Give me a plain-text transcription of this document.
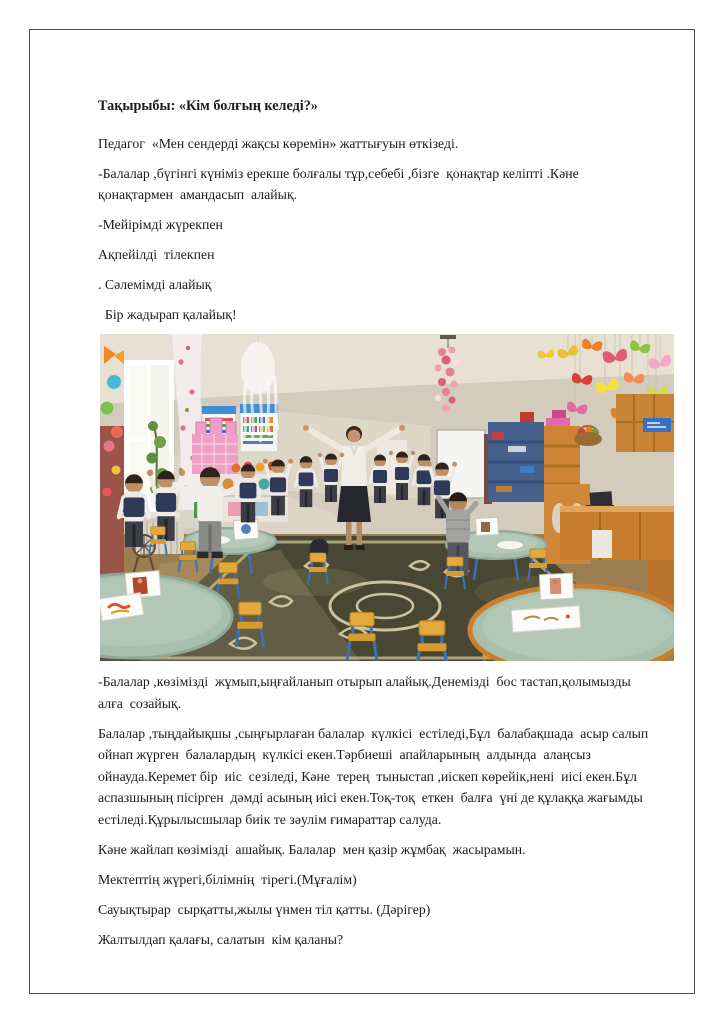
Тақырыбы: «Кім болғың келеді?»

Педагог  «Мен сендерді жақсы көремін» жаттығуын өткізеді.

-Балалар ,бүгінгі күніміз ерекше болғалы тұр,себебі ,бізге  қонақтар келіпті .Кәне қонақтармен  амандасып  алайық.

-Мейірімді жүрекпен

Ақпейілді  тілекпен

. Сәлемімді алайық

Бір жадырап қалайық!

-Балалар ,көзімізді  жұмып,ыңғайланып отырып алайық.Денемізді  бос тастап,қолымызды алға  созайық.

Балалар ,тыңдайықшы ,сыңғырлаған балалар  күлкісі  естіледі,Бұл  балабақшада  асыр салып ойнап жүрген  балалардың  күлкісі екен.Тәрбиеші  апайларының  алдында  алаңсыз ойнауда.Керемет бір  иіс  сезіледі, Кәне  терең  тыныстап ,иіскеп көрейік,нені  иісі екен.Бұл аспазшының пісірген  дәмді асының иісі екен.Тоқ-тоқ  еткен  балға  үні де құлаққа жағымды  естіледі.Құрылысшылар биік те зәулім ғимараттар салуда.

Кәне жайлап көзімізді  ашайық. Балалар  мен қазір жұмбақ  жасырамын.

Мектептің жүрегі,білімнің  тірегі.(Мұғалім)

Сауықтырар  сырқатты,жылы үнмен тіл қатты. (Дәрігер)

Жалтылдап қалағы, салатын  кім қаланы?
